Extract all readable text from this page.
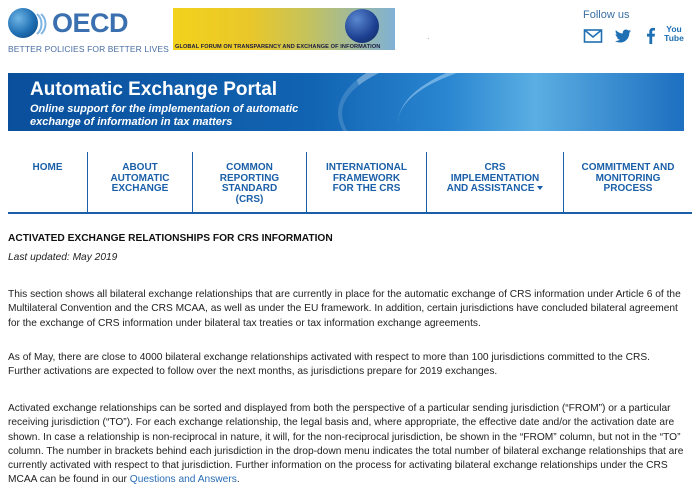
OECD
BETTER POLICIES FOR BETTER LIVES GLOBAL FORUM ON TRANSPARENCY AND EXCHANGE OF INFORMATION
·
Follow us
You
Tube
Automatic Exchange Portal
Online support for the implementation of automatic exchange of information in tax matters
HOME	ABOUT AUTOMATIC EXCHANGE
COMMON REPORTING STANDARD (CRS)
INTERNATIONAL FRAMEWORK FOR THE CRS
CRS IMPLEMENTATION AND ASSISTANCE
COMMITMENT AND MONITORING PROCESS
ACTIVATED EXCHANGE RELATIONSHIPS FOR CRS INFORMATION
Last updated: May 2019

This section shows all bilateral exchange relationships that are currently in place for the automatic exchange of CRS information under Article 6 of the Multilateral Convention and the CRS MCAA, as well as under the EU framework. In addition, certain jurisdictions have concluded bilateral agreement for the exchange of CRS information under bilateral tax treaties or tax information exchange agreements.

As of May, there are close to 4000 bilateral exchange relationships activated with respect to more than 100 jurisdictions committed to the CRS. Further activations are expected to follow over the next months, as jurisdictions prepare for 2019 exchanges.

Activated exchange relationships can be sorted and displayed from both the perspective of a particular sending jurisdiction (“FROM”) or a particular receiving jurisdiction (“TO”). For each exchange relationship, the legal basis and, where appropriate, the effective date and/or the activation date are shown. In case a relationship is non-reciprocal in nature, it will, for the non-reciprocal jurisdiction, be shown in the “FROM” column, but not in the “TO” column. The number in brackets behind each jurisdiction in the drop-down menu indicates the total number of bilateral exchange relationships that are currently activated with respect to that jurisdiction. Further information on the process for activating bilateral exchange relationships under the CRS MCAA can be found in our Questions and Answers.
